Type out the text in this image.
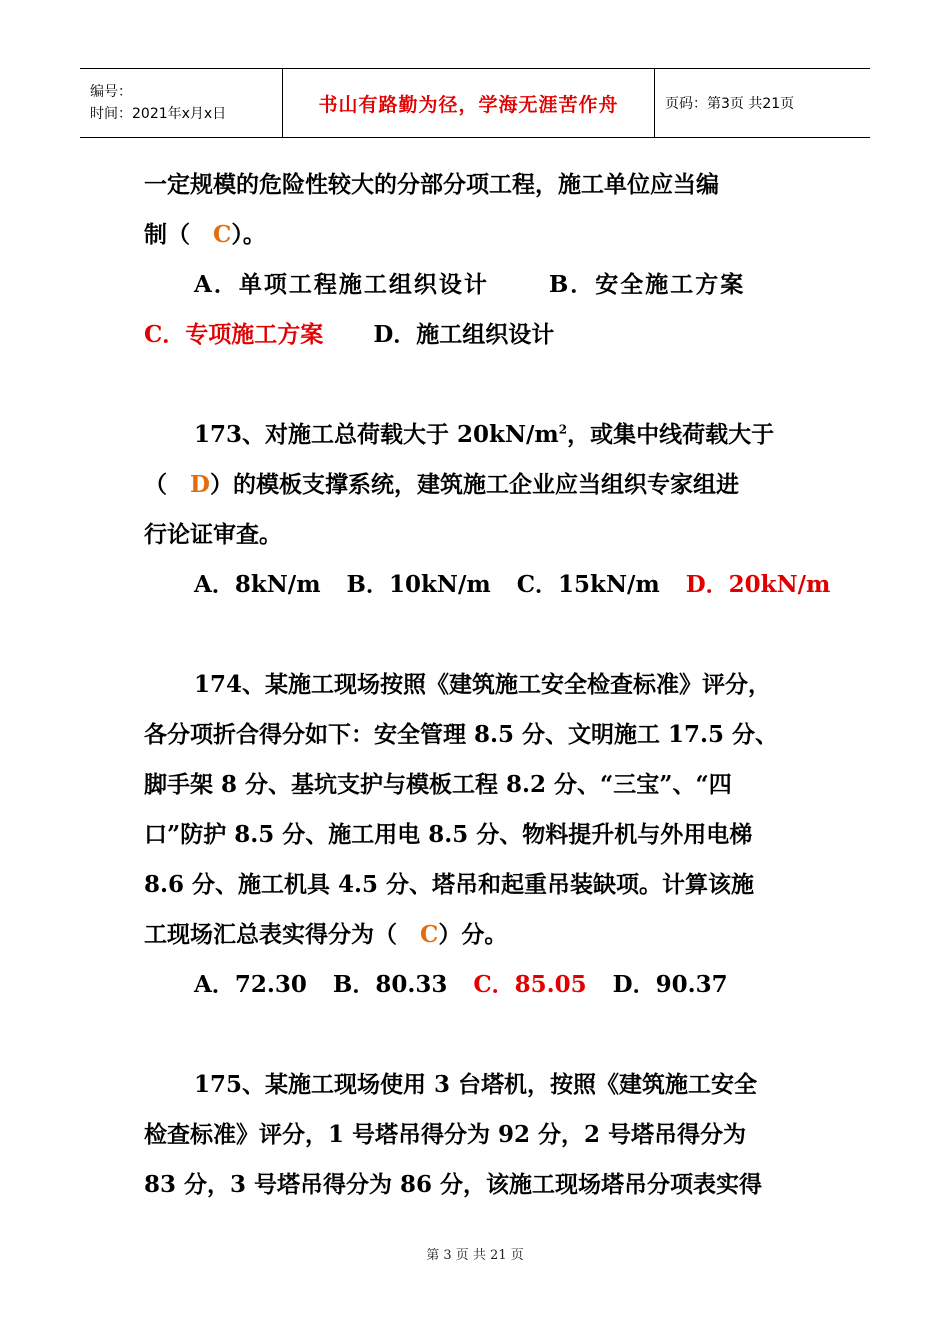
编号：
时间：2021年x月x日	书山有路勤为径，学海无涯苦作舟	页码：第3页 共21页

一定规模的危险性较大的分部分项工程，施工单位应当编

制（　C）。

A．单项工程施工组织设计	B．安全施工方案

C．专项施工方案 D．施工组织设计

173、对施工总荷载大于 $20kN/m^2$，或集中线荷载大于

（　D）的模板支撑系统，建筑施工企业应当组织专家组进

行论证审查。

A．8kN/m B．10kN/m C．15kN/m D．20kN/m

174、某施工现场按照《建筑施工安全检查标准》评分，

各分项折合得分如下：安全管理 8.5 分、文明施工 17.5 分、

脚手架 8 分、基坑支护与模板工程 8.2 分、“三宝”、“四

口”防护 8.5 分、施工用电 8.5 分、物料提升机与外用电梯

8.6 分、施工机具 4.5 分、塔吊和起重吊装缺项。计算该施

工现场汇总表实得分为（　C）分。

A．72.30 B．80.33 C．85.05 D．90.37

175、某施工现场使用 3 台塔机，按照《建筑施工安全

检查标准》评分，1 号塔吊得分为 92 分，2 号塔吊得分为

83 分，3 号塔吊得分为 86 分，该施工现场塔吊分项表实得

第 3 页 共 21 页
